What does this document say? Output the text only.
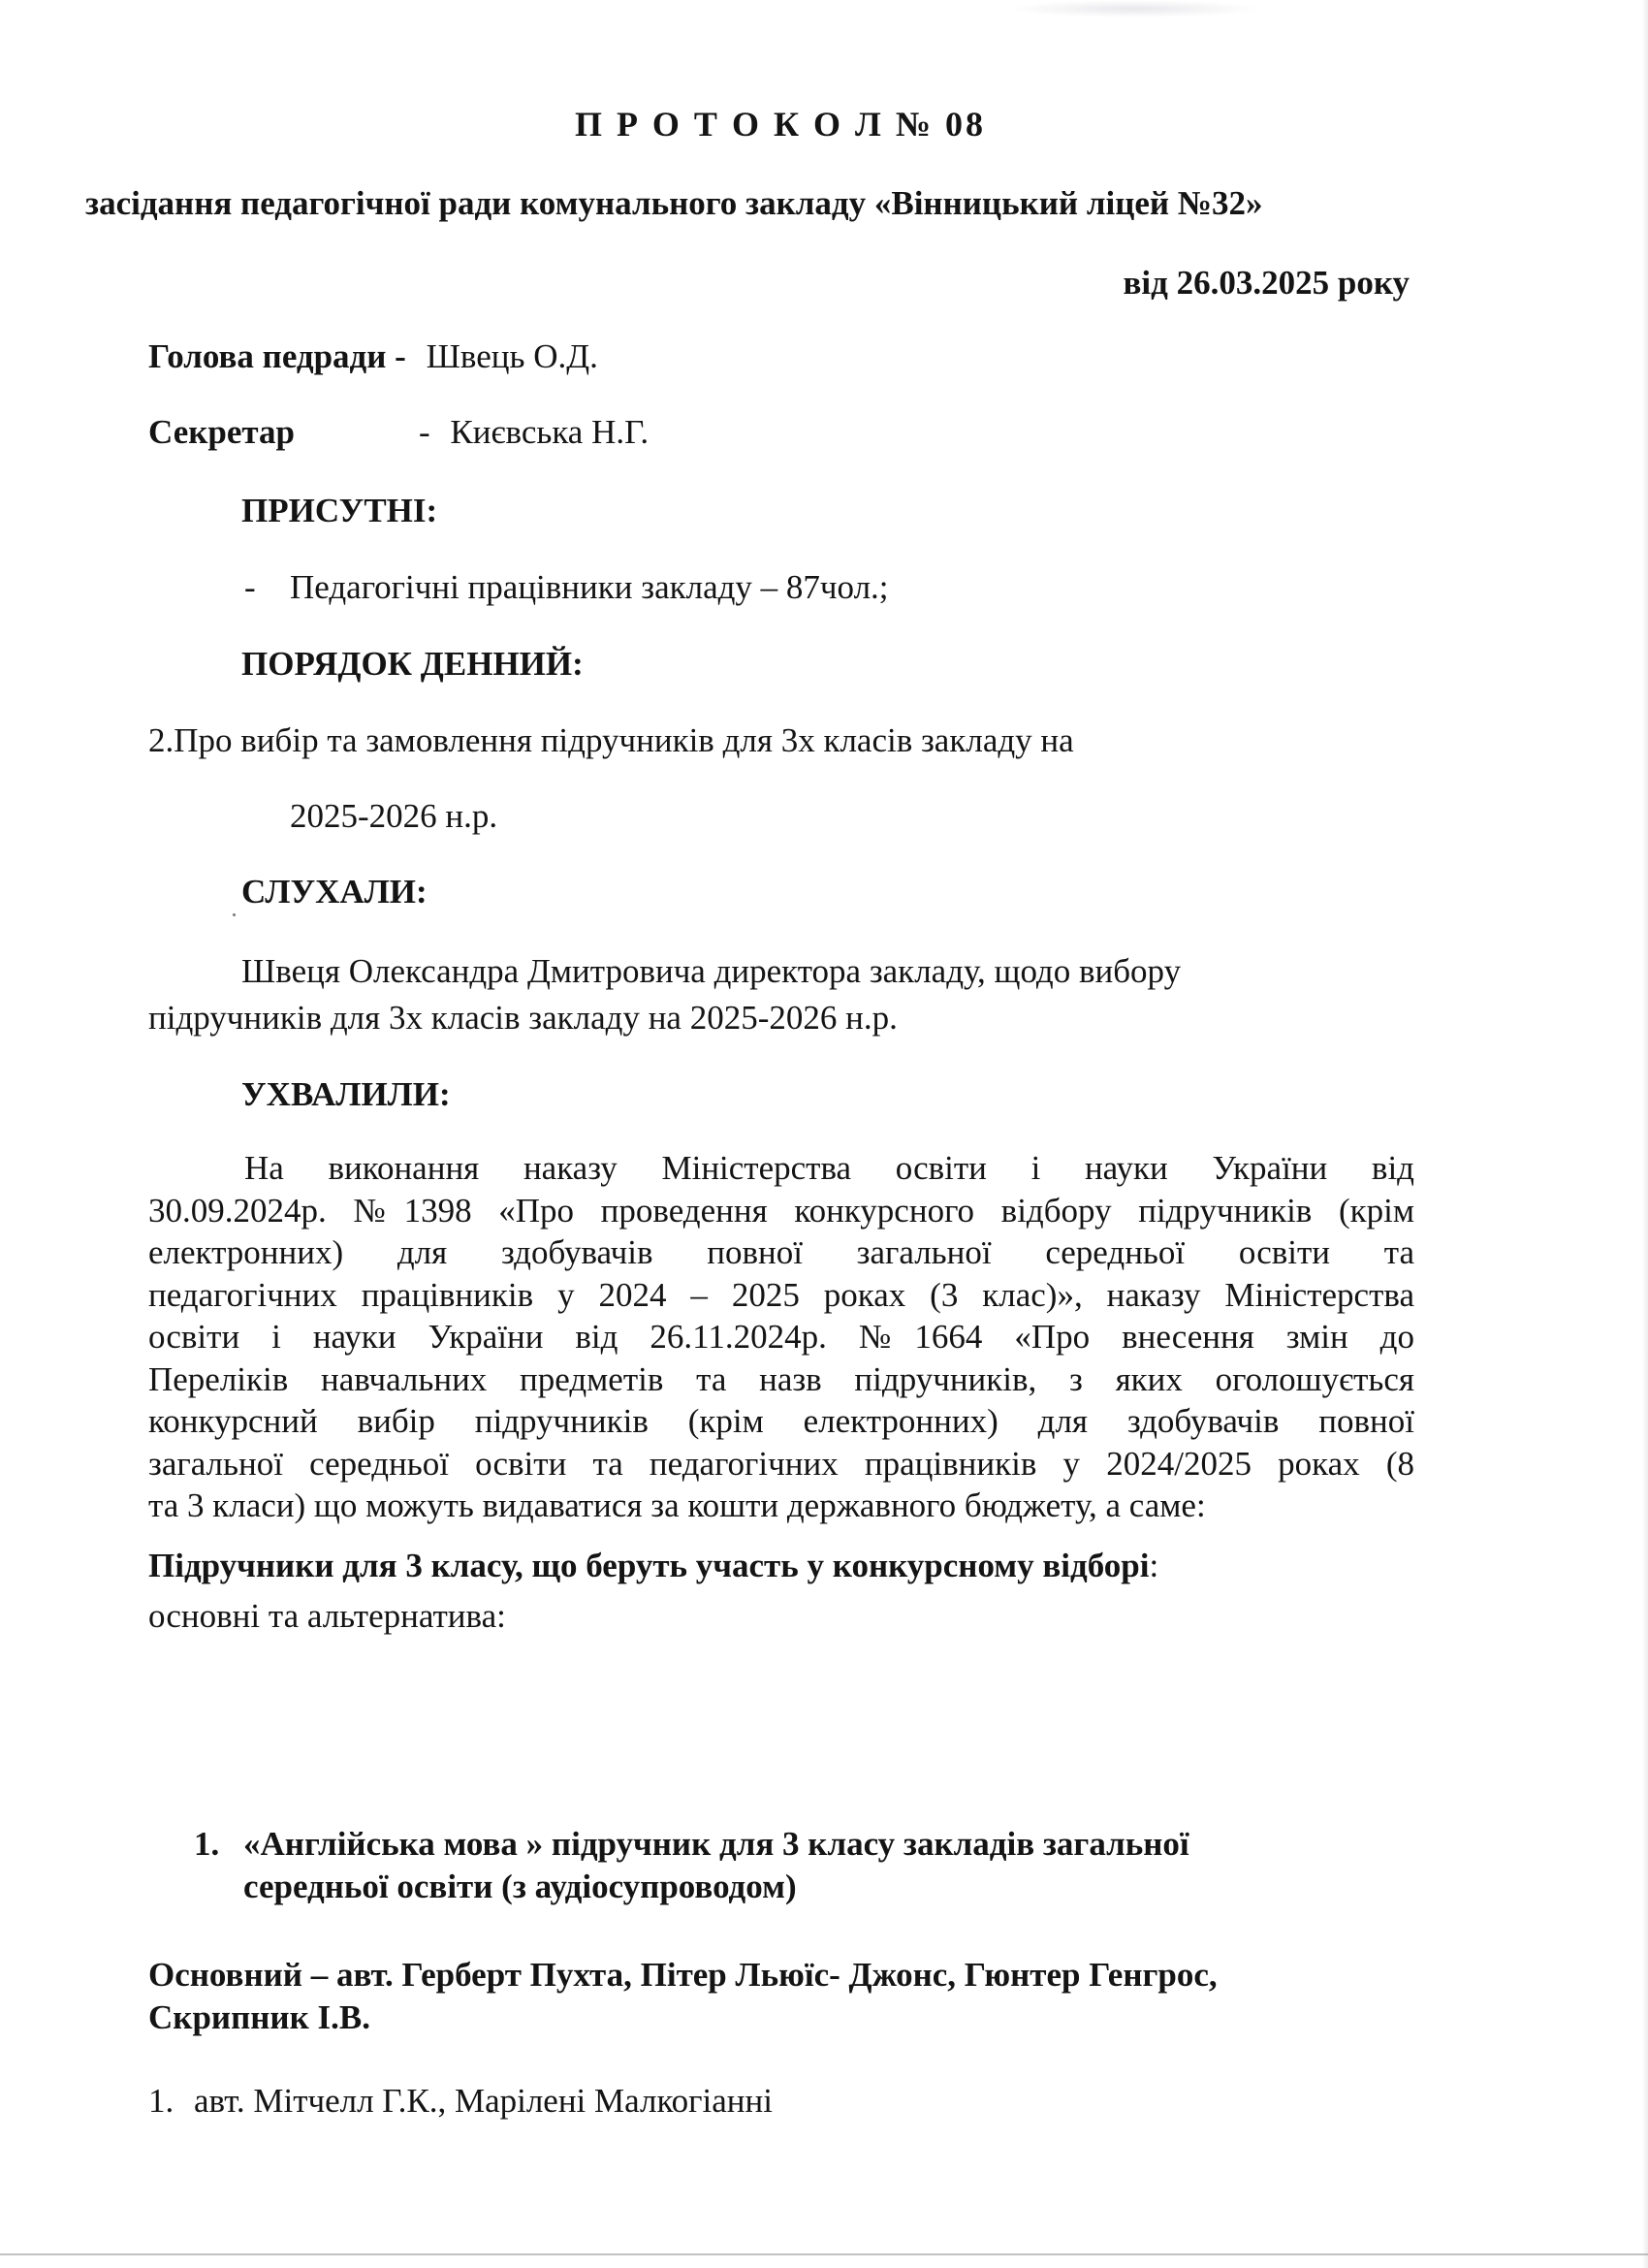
П Р О Т О К О Л № 08
засідання педагогічної ради комунального закладу «Вінницький ліцей №32»
від 26.03.2025 року
Голова педради - Швець О.Д.
Секретар	- Києвська Н.Г.
ПРИСУТНІ:
- Педагогічні працівники закладу – 87чол.;
ПОРЯДОК ДЕННИЙ:
2.Про вибір та замовлення підручників для 3х класів закладу на
2025-2026 н.р.
СЛУХАЛИ:
Швеця Олександра Дмитровича директора закладу, щодо вибору
підручників для 3х класів закладу на 2025-2026 н.р.
УХВАЛИЛИ:
На виконання наказу Міністерства освіти і науки України від
30.09.2024р. №1398 «Про проведення конкурсного відбору підручників (крім
електронних) для здобувачів повної загальної середньої освіти та
педагогічних працівників у 2024 – 2025 роках (3 клас)», наказу Міністерства
освіти і науки України від 26.11.2024р. №1664 «Про внесення змін до
Переліків навчальних предметів та назв підручників, з яких оголошується
конкурсний вибір підручників (крім електронних) для здобувачів повної
загальної середньої освіти та педагогічних працівників у 2024/2025 роках (8
та 3 класи) що можуть видаватися за кошти державного бюджету, а саме:
Підручники для 3 класу, що беруть участь у конкурсному відборі:
основні та альтернатива:
1. «Англійська мова » підручник для 3 класу закладів загальної
середньої освіти (з аудіосупроводом)
Основний – авт. Герберт Пухта, Пітер Льюїс- Джонс, Гюнтер Генгрос,
Скрипник І.В.
1. авт. Мітчелл Г.К., Марілені Малкогіанні
